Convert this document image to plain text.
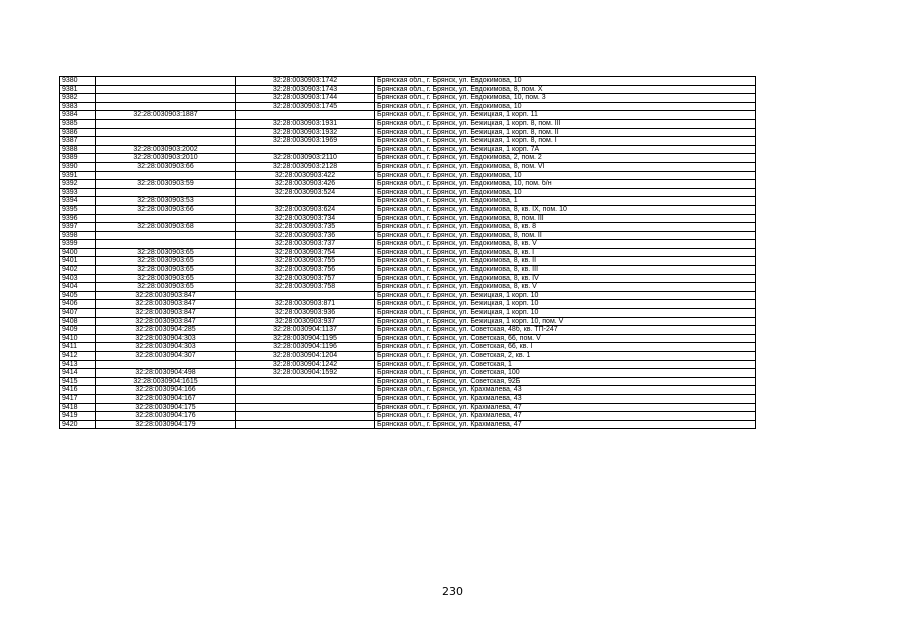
9380		32:28:0030903:1742	Брянская обл., г. Брянск, ул. Евдокимова, 10
9381		32:28:0030903:1743	Брянская обл., г. Брянск, ул. Евдокимова, 8, пом. X
9382		32:28:0030903:1744	Брянская обл., г. Брянск, ул. Евдокимова, 10, пом. 3
9383		32:28:0030903:1745	Брянская обл., г. Брянск, ул. Евдокимова, 10
9384	32:28:0030903:1887		Брянская обл., г. Брянск, ул. Бежицкая, 1 корп. 11
9385		32:28:0030903:1931	Брянская обл., г. Брянск, ул. Бежицкая, 1 корп. 8, пом. III
9386		32:28:0030903:1932	Брянская обл., г. Брянск, ул. Бежицкая, 1 корп. 8, пом. II
9387		32:28:0030903:1969	Брянская обл., г. Брянск, ул. Бежицкая, 1 корп. 8, пом. I
9388	32:28:0030903:2002		Брянская обл., г. Брянск, ул. Бежицкая, 1 корп. 7А
9389	32:28:0030903:2010	32:28:0030903:2110	Брянская обл., г. Брянск, ул. Евдокимова, 2, пом. 2
9390	32:28:0030903:66	32:28:0030903:2128	Брянская обл., г. Брянск, ул. Евдокимова, 8, пом. VI
9391		32:28:0030903:422	Брянская обл., г. Брянск, ул. Евдокимова, 10
9392	32:28:0030903:59	32:28:0030903:426	Брянская обл., г. Брянск, ул. Евдокимова, 10, пом. б/н
9393		32:28:0030903:524	Брянская обл., г. Брянск, ул. Евдокимова, 10
9394	32:28:0030903:53		Брянская обл., г. Брянск, ул. Евдокимова, 1
9395	32:28:0030903:66	32:28:0030903:624	Брянская обл., г. Брянск, ул. Евдокимова, 8, кв. IX, пом. 10
9396		32:28:0030903:734	Брянская обл., г. Брянск, ул. Евдокимова, 8, пом. III
9397	32:28:0030903:68	32:28:0030903:735	Брянская обл., г. Брянск, ул. Евдокимова, 8, кв. 8
9398		32:28:0030903:736	Брянская обл., г. Брянск, ул. Евдокимова, 8, пом. II
9399		32:28:0030903:737	Брянская обл., г. Брянск, ул. Евдокимова, 8, кв. V
9400	32:28:0030903:65	32:28:0030903:754	Брянская обл., г. Брянск, ул. Евдокимова, 8, кв. I
9401	32:28:0030903:65	32:28:0030903:755	Брянская обл., г. Брянск, ул. Евдокимова, 8, кв. II
9402	32:28:0030903:65	32:28:0030903:756	Брянская обл., г. Брянск, ул. Евдокимова, 8, кв. III
9403	32:28:0030903:65	32:28:0030903:757	Брянская обл., г. Брянск, ул. Евдокимова, 8, кв. IV
9404	32:28:0030903:65	32:28:0030903:758	Брянская обл., г. Брянск, ул. Евдокимова, 8, кв. V
9405	32:28:0030903:847		Брянская обл., г. Брянск, ул. Бежицкая, 1 корп. 10
9406	32:28:0030903:847	32:28:0030903:871	Брянская обл., г. Брянск, ул. Бежицкая, 1 корп. 10
9407	32:28:0030903:847	32:28:0030903:936	Брянская обл., г. Брянск, ул. Бежицкая, 1 корп. 10
9408	32:28:0030903:847	32:28:0030903:937	Брянская обл., г. Брянск, ул. Бежицкая, 1 корп. 10, пом. V
9409	32:28:0030904:285	32:28:0030904:1137	Брянская обл., г. Брянск, ул. Советская, 48б, кв. ТП-247
9410	32:28:0030904:303	32:28:0030904:1195	Брянская обл., г. Брянск, ул. Советская, 66, пом. V
9411	32:28:0030904:303	32:28:0030904:1196	Брянская обл., г. Брянск, ул. Советская, 66, кв. I
9412	32:28:0030904:307	32:28:0030904:1204	Брянская обл., г. Брянск, ул. Советская, 2, кв. 1
9413		32:28:0030904:1242	Брянская обл., г. Брянск, ул. Советская, 1
9414	32:28:0030904:498	32:28:0030904:1592	Брянская обл., г. Брянск, ул. Советская, 100
9415	32:28:0030904:1615		Брянская обл., г. Брянск, ул. Советская, 92Б
9416	32:28:0030904:166		Брянская обл., г. Брянск, ул. Крахмалева, 43
9417	32:28:0030904:167		Брянская обл., г. Брянск, ул. Крахмалева, 43
9418	32:28:0030904:175		Брянская обл., г. Брянск, ул. Крахмалева, 47
9419	32:28:0030904:176		Брянская обл., г. Брянск, ул. Крахмалева, 47
9420	32:28:0030904:179		Брянская обл., г. Брянск, ул. Крахмалева, 47
230
